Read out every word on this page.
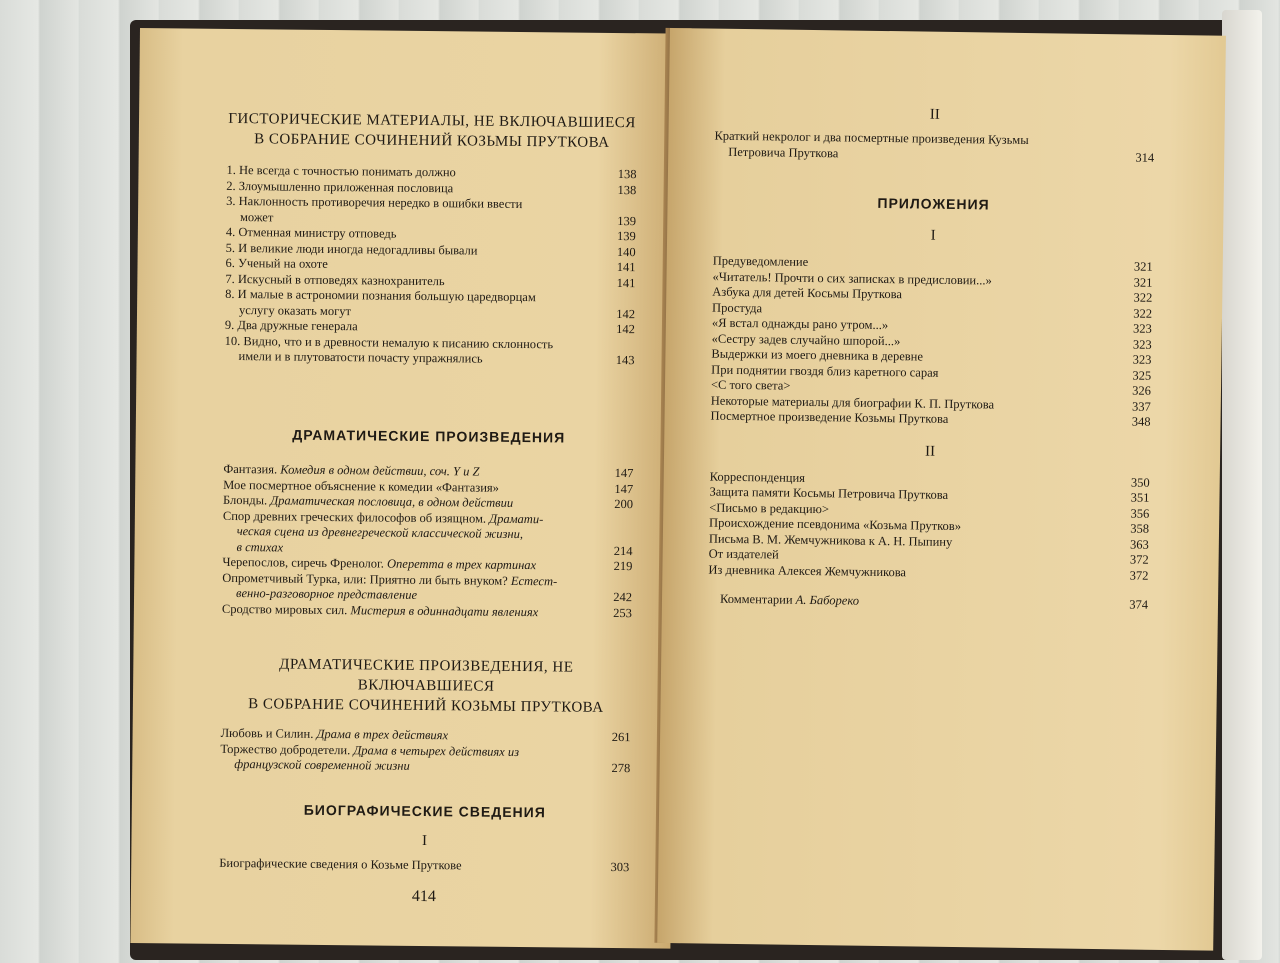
ГИСТОРИЧЕСКИЕ МАТЕРИАЛЫ, НЕ ВКЛЮЧАВШИЕСЯ

В СОБРАНИЕ СОЧИНЕНИЙ КОЗЬМЫ ПРУТКОВА

1. Не всегда с точностью понимать должно	138
2. Злоумышленно приложенная пословица	138
3. Наклонность противоречия нередко в ошибки ввести
может	139
4. Отменная министру отповедь	139
5. И великие люди иногда недогадливы бывали	140
6. Ученый на охоте	141
7. Искусный в отповедях казнохранитель	141
8. И малые в астрономии познания большую царедворцам
услугу оказать могут	142
9. Два дружные генерала	142
10. Видно, что и в древности немалую к писанию склонность
имели и в плутоватости почасту упражнялись	143

ДРАМАТИЧЕСКИЕ ПРОИЗВЕДЕНИЯ

Фантазия. Комедия в одном действии, соч. Y и Z	147
Мое посмертное объяснение к комедии «Фантазия»	147
Блонды. Драматическая пословица, в одном действии	200
Спор древних греческих философов об изящном. Драмати-
ческая сцена из древнегреческой классической жизни,
в стихах	214
Черепослов, сиречь Френолог. Оперетта в трех картинах	219
Опрометчивый Турка, или: Приятно ли быть внуком? Естест-
венно-разговорное представление	242
Сродство мировых сил. Мистерия в одиннадцати явлениях	253

ДРАМАТИЧЕСКИЕ ПРОИЗВЕДЕНИЯ, НЕ ВКЛЮЧАВШИЕСЯ

В СОБРАНИЕ СОЧИНЕНИЙ КОЗЬМЫ ПРУТКОВА

Любовь и Силин. Драма в трех действиях	261
Торжество добродетели. Драма в четырех действиях из
французской современной жизни	278

БИОГРАФИЧЕСКИЕ СВЕДЕНИЯ

I

Биографические сведения о Козьме Пруткове	303

414

II

Краткий некролог и два посмертные произведения Кузьмы
Петровича Пруткова	314

ПРИЛОЖЕНИЯ

I

Предуведомление	321
«Читатель! Прочти о сих записках в предисловии...»	321
Азбука для детей Косьмы Пруткова	322
Простуда	322
«Я встал однажды рано утром...»	323
«Сестру задев случайно шпорой...»	323
Выдержки из моего дневника в деревне	323
При поднятии гвоздя близ каретного сарая	325
<С того света>	326
Некоторые материалы для биографии К. П. Пруткова	337
Посмертное произведение Козьмы Пруткова	348

II

Корреспонденция	350
Защита памяти Косьмы Петровича Пруткова	351
<Письмо в редакцию>	356
Происхождение псевдонима «Козьма Прутков»	358
Письма В. М. Жемчужникова к А. Н. Пыпину	363
От издателей	372
Из дневника Алексея Жемчужникова	372
Комментарии А. Бабореко	374
